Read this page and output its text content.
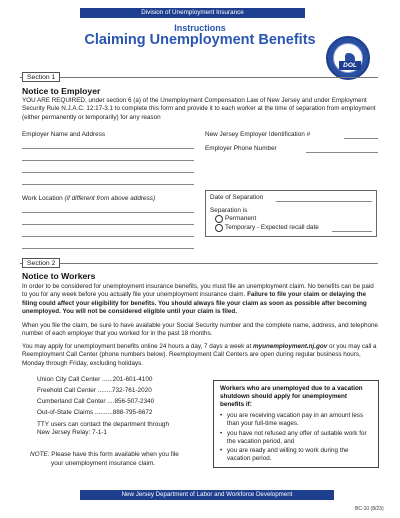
Division of Unemployment Insurance
Instructions
Claiming Unemployment Benefits
DOL
Section 1
Notice to Employer
YOU ARE REQUIRED, under section 6 (a) of the Unemployment Compensation Law of New Jersey and under Employment Security Rule N.J.A.C. 12:17-3.1 to complete this form and provide it to each worker at the time of separation from employment (either permanently or temporarily) for any reason
Employer Name and Address	New Jersey Employer Identification #
Employer Phone Number
Work Location (if different from above address)	Date of Separation
Separation is
Permanent
Temporary - Expected recall date
Section 2
Notice to Workers
In order to be considered for unemployment insurance benefits, you must file an unemployment claim. No benefits can be paid to you for any week before you actually file your unemployment insurance claim. Failure to file your claim or delaying the filing could affect your eligibility for benefits. You should always file your claim as soon as possible after becoming unemployed. You will not be considered eligible until your claim is filed.
When you file the claim, be sure to have available your Social Security number and the complete name, address, and telephone number of each employer that you worked for in the past 18 months.
You may apply for unemployment benefits online 24 hours a day, 7 days a week at myunemployment.nj.gov or you may call a Reemployment Call Center (phone numbers below). Reemployment Call Centers are open during regular business hours, Monday through Friday, excluding holidays.
Union City Call Center ......201-601-4100
Freehold Call Center ........732-761-2020
Cumberland Call Center ....856-507-2340
Out-of-State Claims ..........888-795-6672
TTY users can contact the department through
New Jersey Relay: 7-1-1
NOTE: Please have this form available when you file
your unemployment insurance claim.
Workers who are unemployed due to a vacation shutdown should apply for unemployment benefits if:
• you are receiving vacation pay in an amount less than your full-time wages.
• you have not refused any offer of suitable work for the vacation period, and
• you are ready and willing to work during the vacation period.
New Jersey Department of Labor and Workforce Development
BC-10 (8/23)
